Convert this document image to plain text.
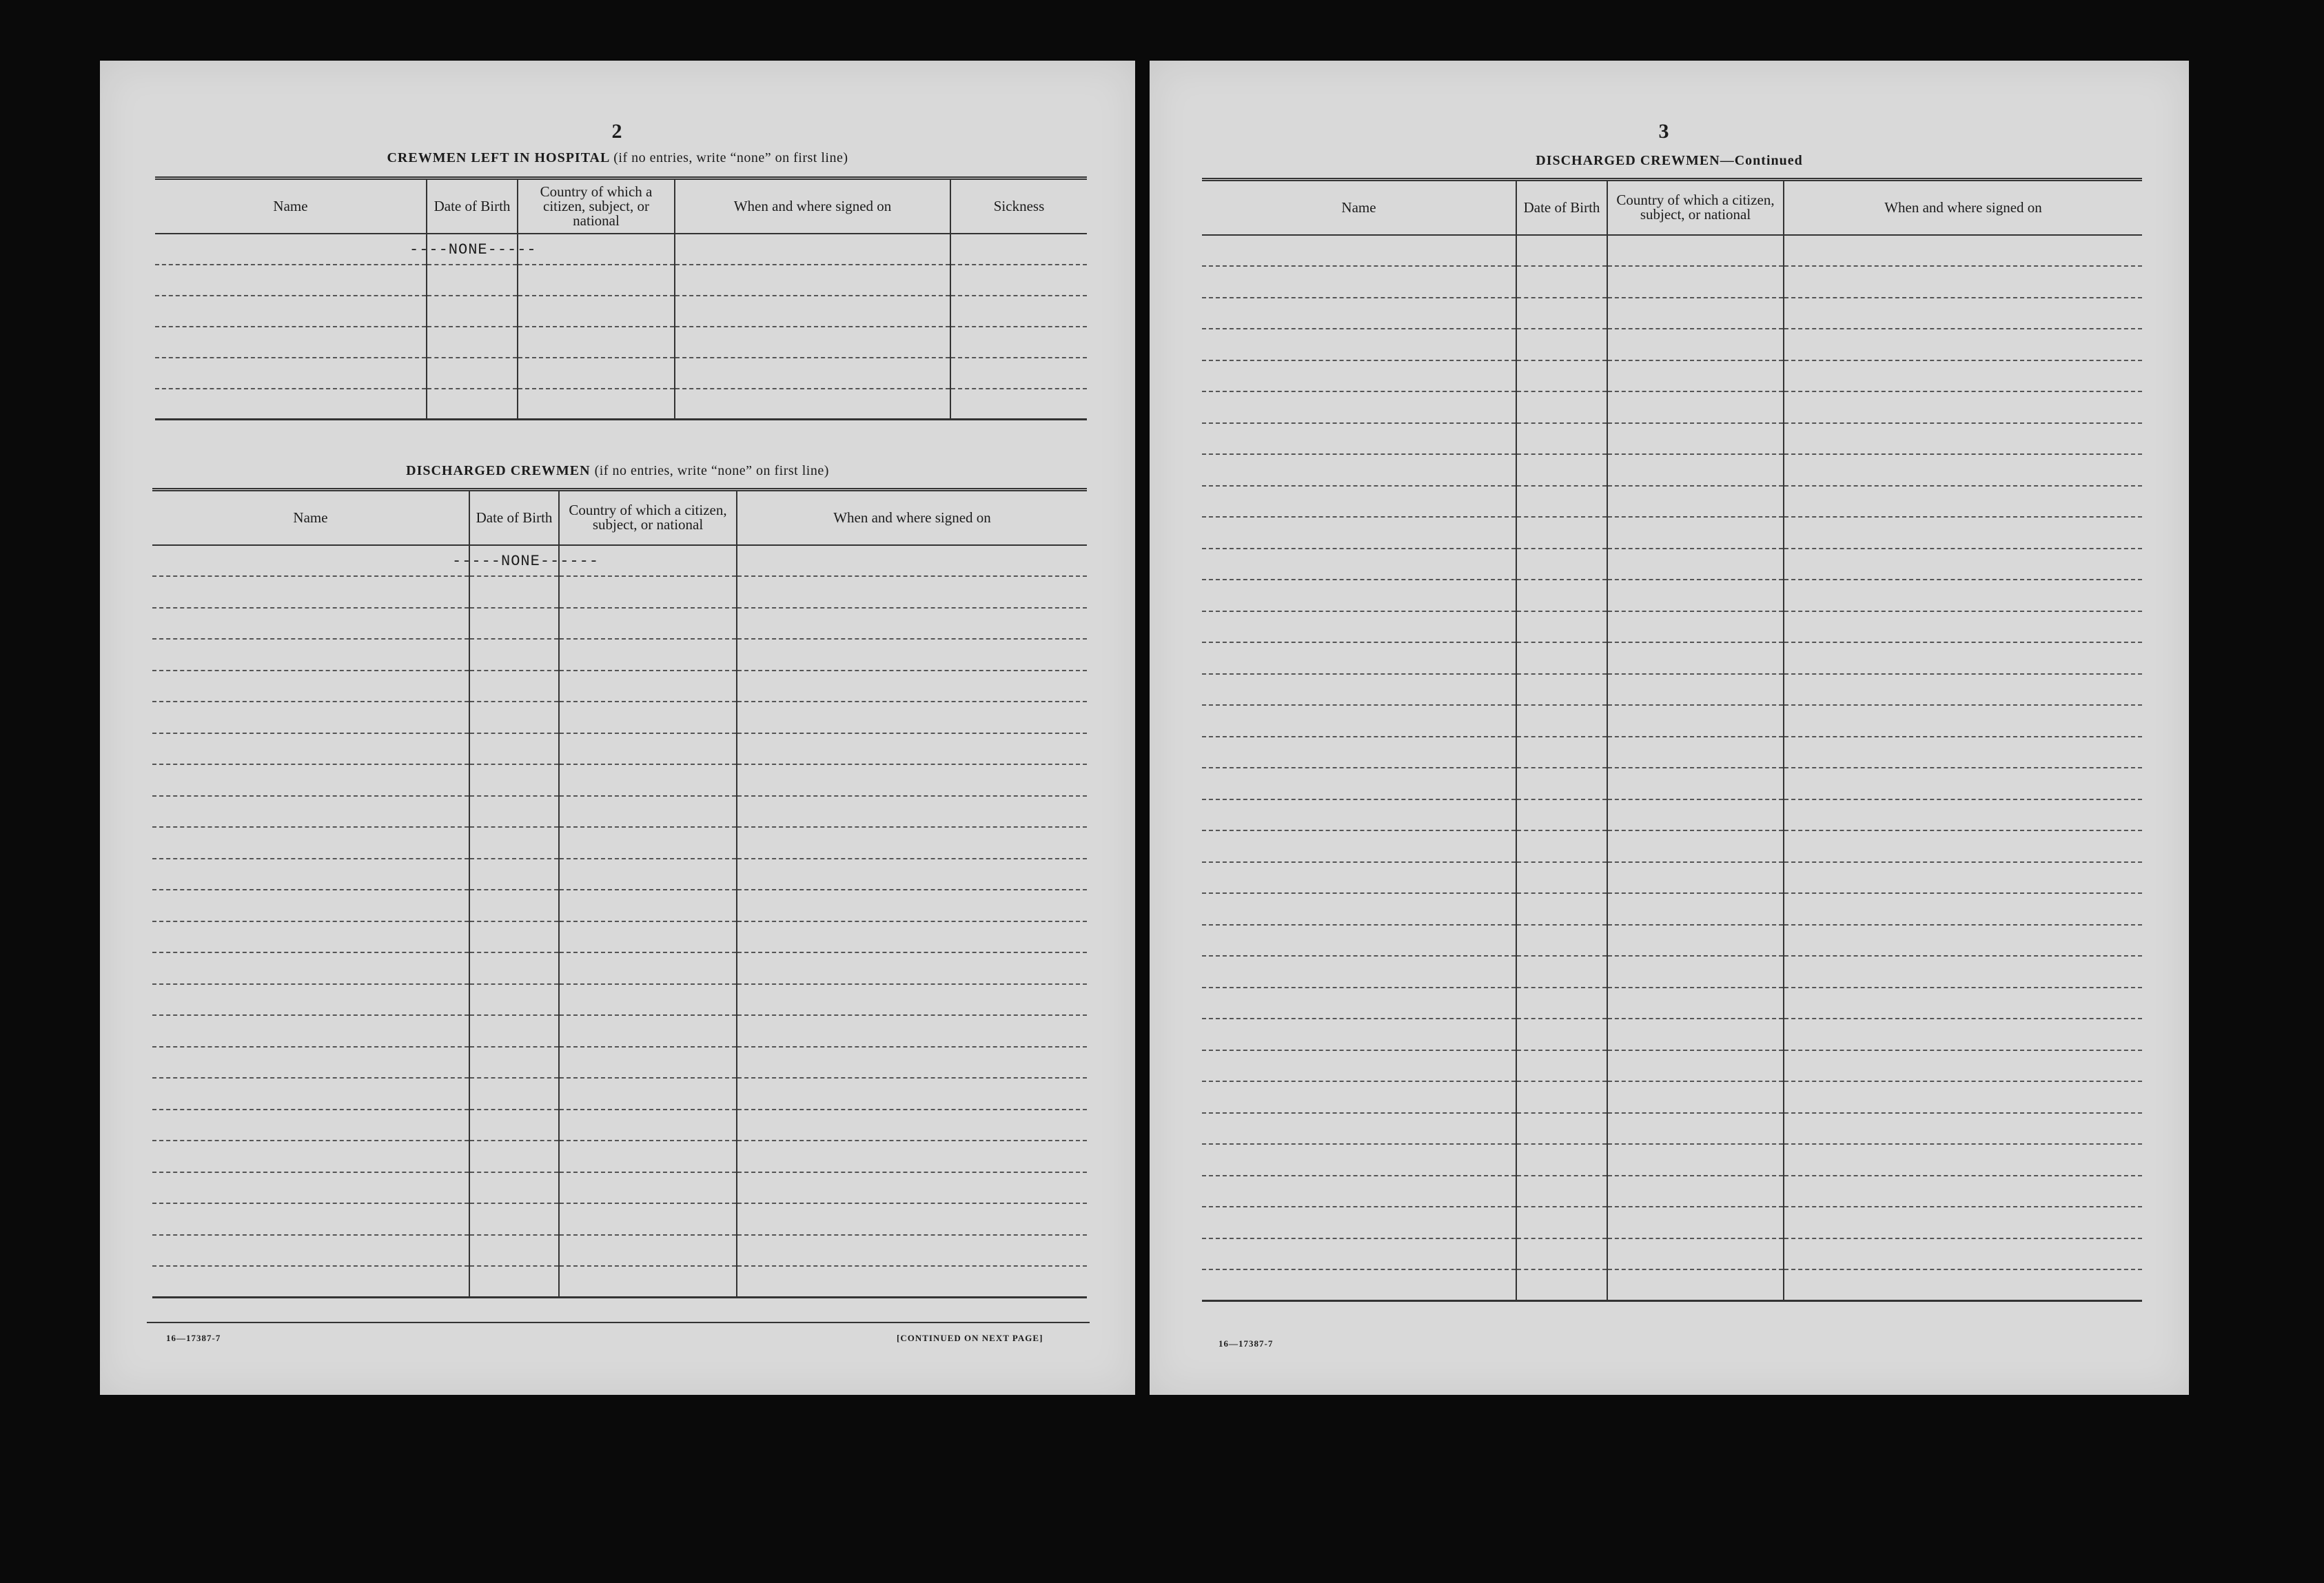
2
CREWMEN LEFT IN HOSPITAL (if no entries, write “none” on first line)
Name	Date of Birth	Country of which a citizen, subject, or national	When and where signed on	Sickness
	----NONE-----			

DISCHARGED CREWMEN (if no entries, write “none” on first line)
Name	Date of Birth	Country of which a citizen, subject, or national	When and where signed on
	-----NONE------		

16—17387-7	[CONTINUED ON NEXT PAGE]
3
DISCHARGED CREWMEN—Continued
Name	Date of Birth	Country of which a citizen, subject, or national	When and where signed on

16—17387-7
